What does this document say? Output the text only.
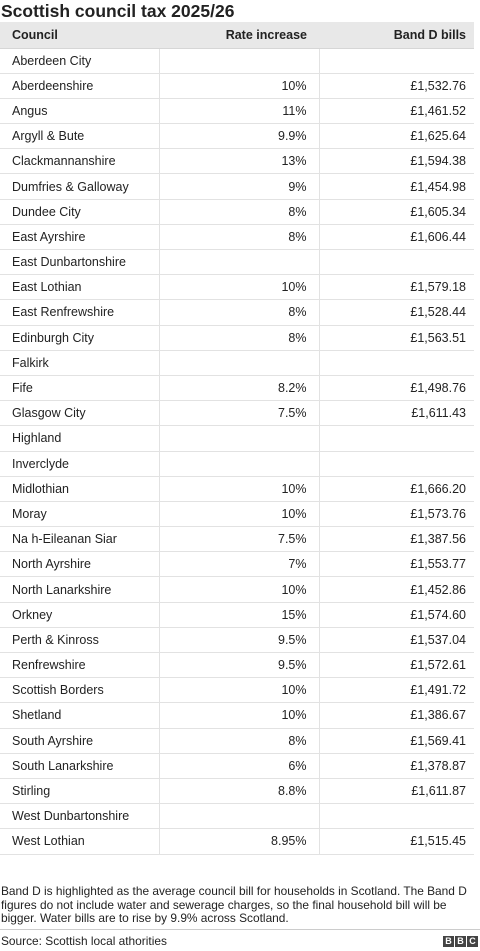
Scottish council tax 2025/26
Council	Rate increase	Band D bills
Aberdeen City		
Aberdeenshire	10%	£1,532.76
Angus	11%	£1,461.52
Argyll & Bute	9.9%	£1,625.64
Clackmannanshire	13%	£1,594.38
Dumfries & Galloway	9%	£1,454.98
Dundee City	8%	£1,605.34
East Ayrshire	8%	£1,606.44
East Dunbartonshire		
East Lothian	10%	£1,579.18
East Renfrewshire	8%	£1,528.44
Edinburgh City	8%	£1,563.51
Falkirk		
Fife	8.2%	£1,498.76
Glasgow City	7.5%	£1,611.43
Highland		
Inverclyde		
Midlothian	10%	£1,666.20
Moray	10%	£1,573.76
Na h-Eileanan Siar	7.5%	£1,387.56
North Ayrshire	7%	£1,553.77
North Lanarkshire	10%	£1,452.86
Orkney	15%	£1,574.60
Perth & Kinross	9.5%	£1,537.04
Renfrewshire	9.5%	£1,572.61
Scottish Borders	10%	£1,491.72
Shetland	10%	£1,386.67
South Ayrshire	8%	£1,569.41
South Lanarkshire	6%	£1,378.87
Stirling	8.8%	£1,611.87
West Dunbartonshire		
West Lothian	8.95%	£1,515.45
Band D is highlighted as the average council bill for households in Scotland. The Band D figures do not include water and sewerage charges, so the final household bill will be bigger. Water bills are to rise by 9.9% across Scotland.
Source: Scottish local athorities	B B C
